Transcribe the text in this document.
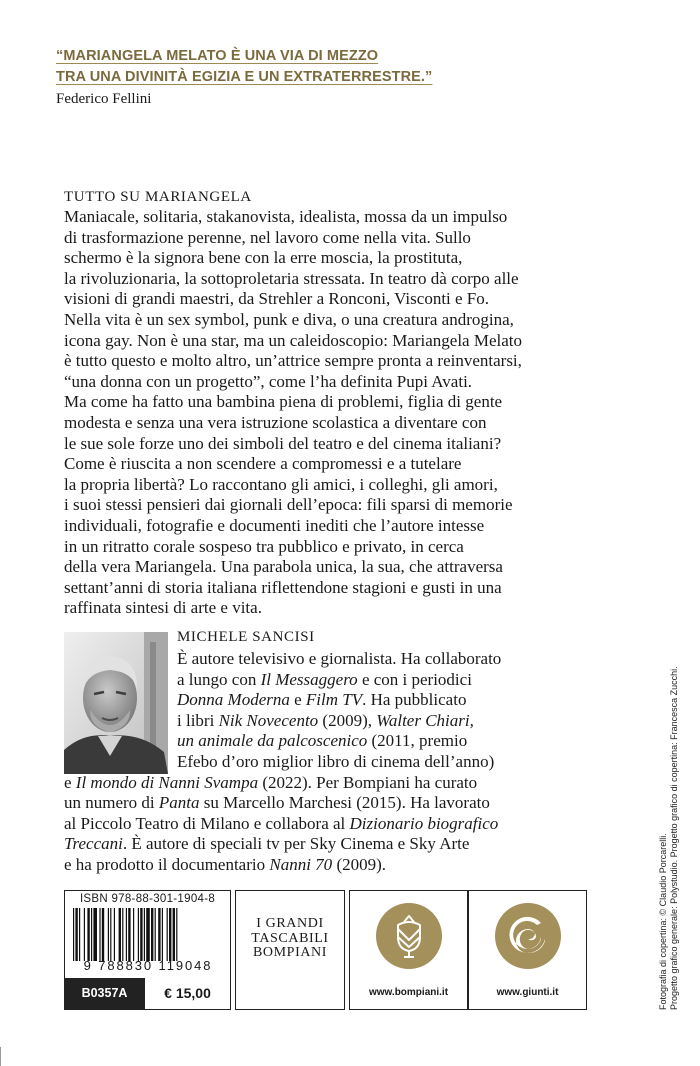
“MARIANGELA MELATO È UNA VIA DI MEZZO
TRA UNA DIVINITÀ EGIZIA E UN EXTRATERRESTRE.”
Federico Fellini
TUTTO SU MARIANGELA
Maniacale, solitaria, stakanovista, idealista, mossa da un impulso
di trasformazione perenne, nel lavoro come nella vita. Sullo
schermo è la signora bene con la erre moscia, la prostituta,
la rivoluzionaria, la sottoproletaria stressata. In teatro dà corpo alle
visioni di grandi maestri, da Strehler a Ronconi, Visconti e Fo.
Nella vita è un sex symbol, punk e diva, o una creatura androgina,
icona gay. Non è una star, ma un caleidoscopio: Mariangela Melato
è tutto questo e molto altro, un’attrice sempre pronta a reinventarsi,
“una donna con un progetto”, come l’ha definita Pupi Avati.
Ma come ha fatto una bambina piena di problemi, figlia di gente
modesta e senza una vera istruzione scolastica a diventare con
le sue sole forze uno dei simboli del teatro e del cinema italiani?
Come è riuscita a non scendere a compromessi e a tutelare
la propria libertà? Lo raccontano gli amici, i colleghi, gli amori,
i suoi stessi pensieri dai giornali dell’epoca: fili sparsi di memorie
individuali, fotografie e documenti inediti che l’autore intesse
in un ritratto corale sospeso tra pubblico e privato, in cerca
della vera Mariangela. Una parabola unica, la sua, che attraversa
settant’anni di storia italiana riflettendone stagioni e gusti in una
raffinata sintesi di arte e vita.
MICHELE SANCISI
È autore televisivo e giornalista. Ha collaborato
a lungo con Il Messaggero e con i periodici
Donna Moderna e Film TV. Ha pubblicato
i libri Nik Novecento (2009), Walter Chiari,
un animale da palcoscenico (2011, premio
Efebo d’oro miglior libro di cinema dell’anno)
e Il mondo di Nanni Svampa (2022). Per Bompiani ha curato
un numero di Panta su Marcello Marchesi (2015). Ha lavorato
al Piccolo Teatro di Milano e collabora al Dizionario biografico
Treccani. È autore di speciali tv per Sky Cinema e Sky Arte
e ha prodotto il documentario Nanni 70 (2009).
ISBN 978-88-301-1904-8
9 788830 119048
B0357A	€ 15,00
I GRANDI
TASCABILI
BOMPIANI
www.bompiani.it	www.giunti.it	Fotografia di copertina: © Claudio Porcarelli. Progetto grafico generale: Polystudio. Progetto grafico di copertina: Francesca Zucchi.
